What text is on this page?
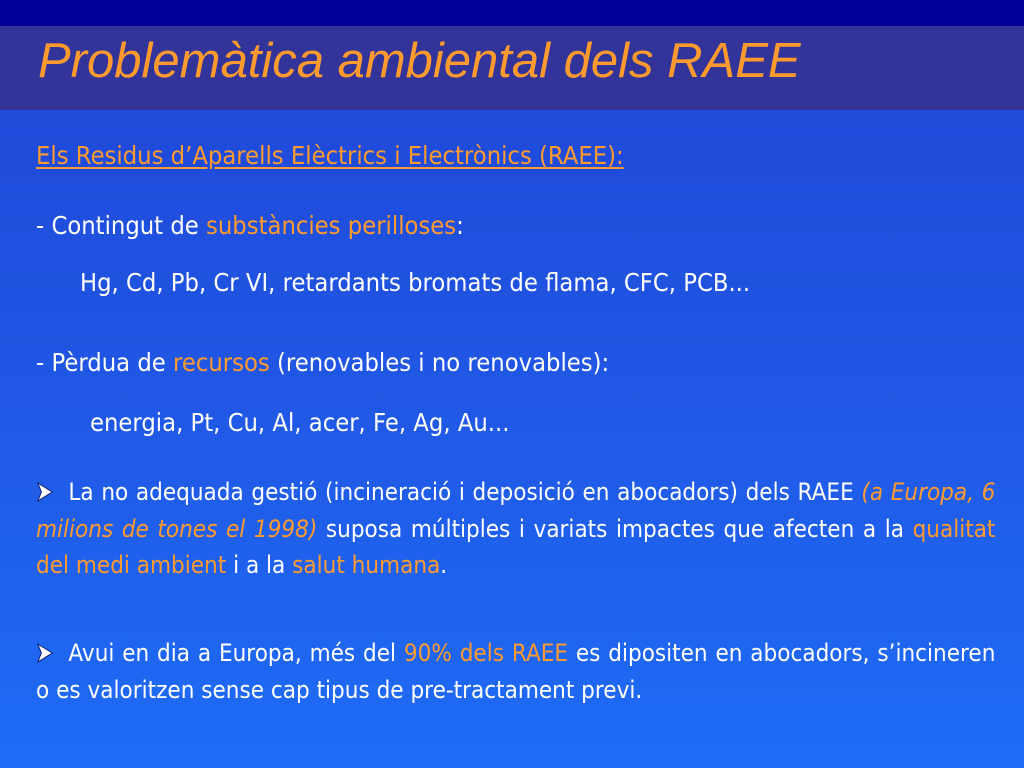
Problemàtica ambiental dels RAEE
Els Residus d’Aparells Elèctrics i Electrònics (RAEE):
- Contingut de substàncies perilloses:
Hg, Cd, Pb, Cr VI, retardants bromats de flama, CFC, PCB...
- Pèrdua de recursos (renovables i no renovables):
energia, Pt, Cu, Al, acer, Fe, Ag, Au...
La no adequada gestió (incineració i deposició en abocadors) dels RAEE (a Europa, 6 milions de tones el 1998) suposa múltiples i variats impactes que afecten a la qualitat del medi ambient i a la salut humana.
Avui en dia a Europa, més del 90% dels RAEE es dipositen en abocadors, s’incineren o es valoritzen sense cap tipus de pre-tractament previ.
